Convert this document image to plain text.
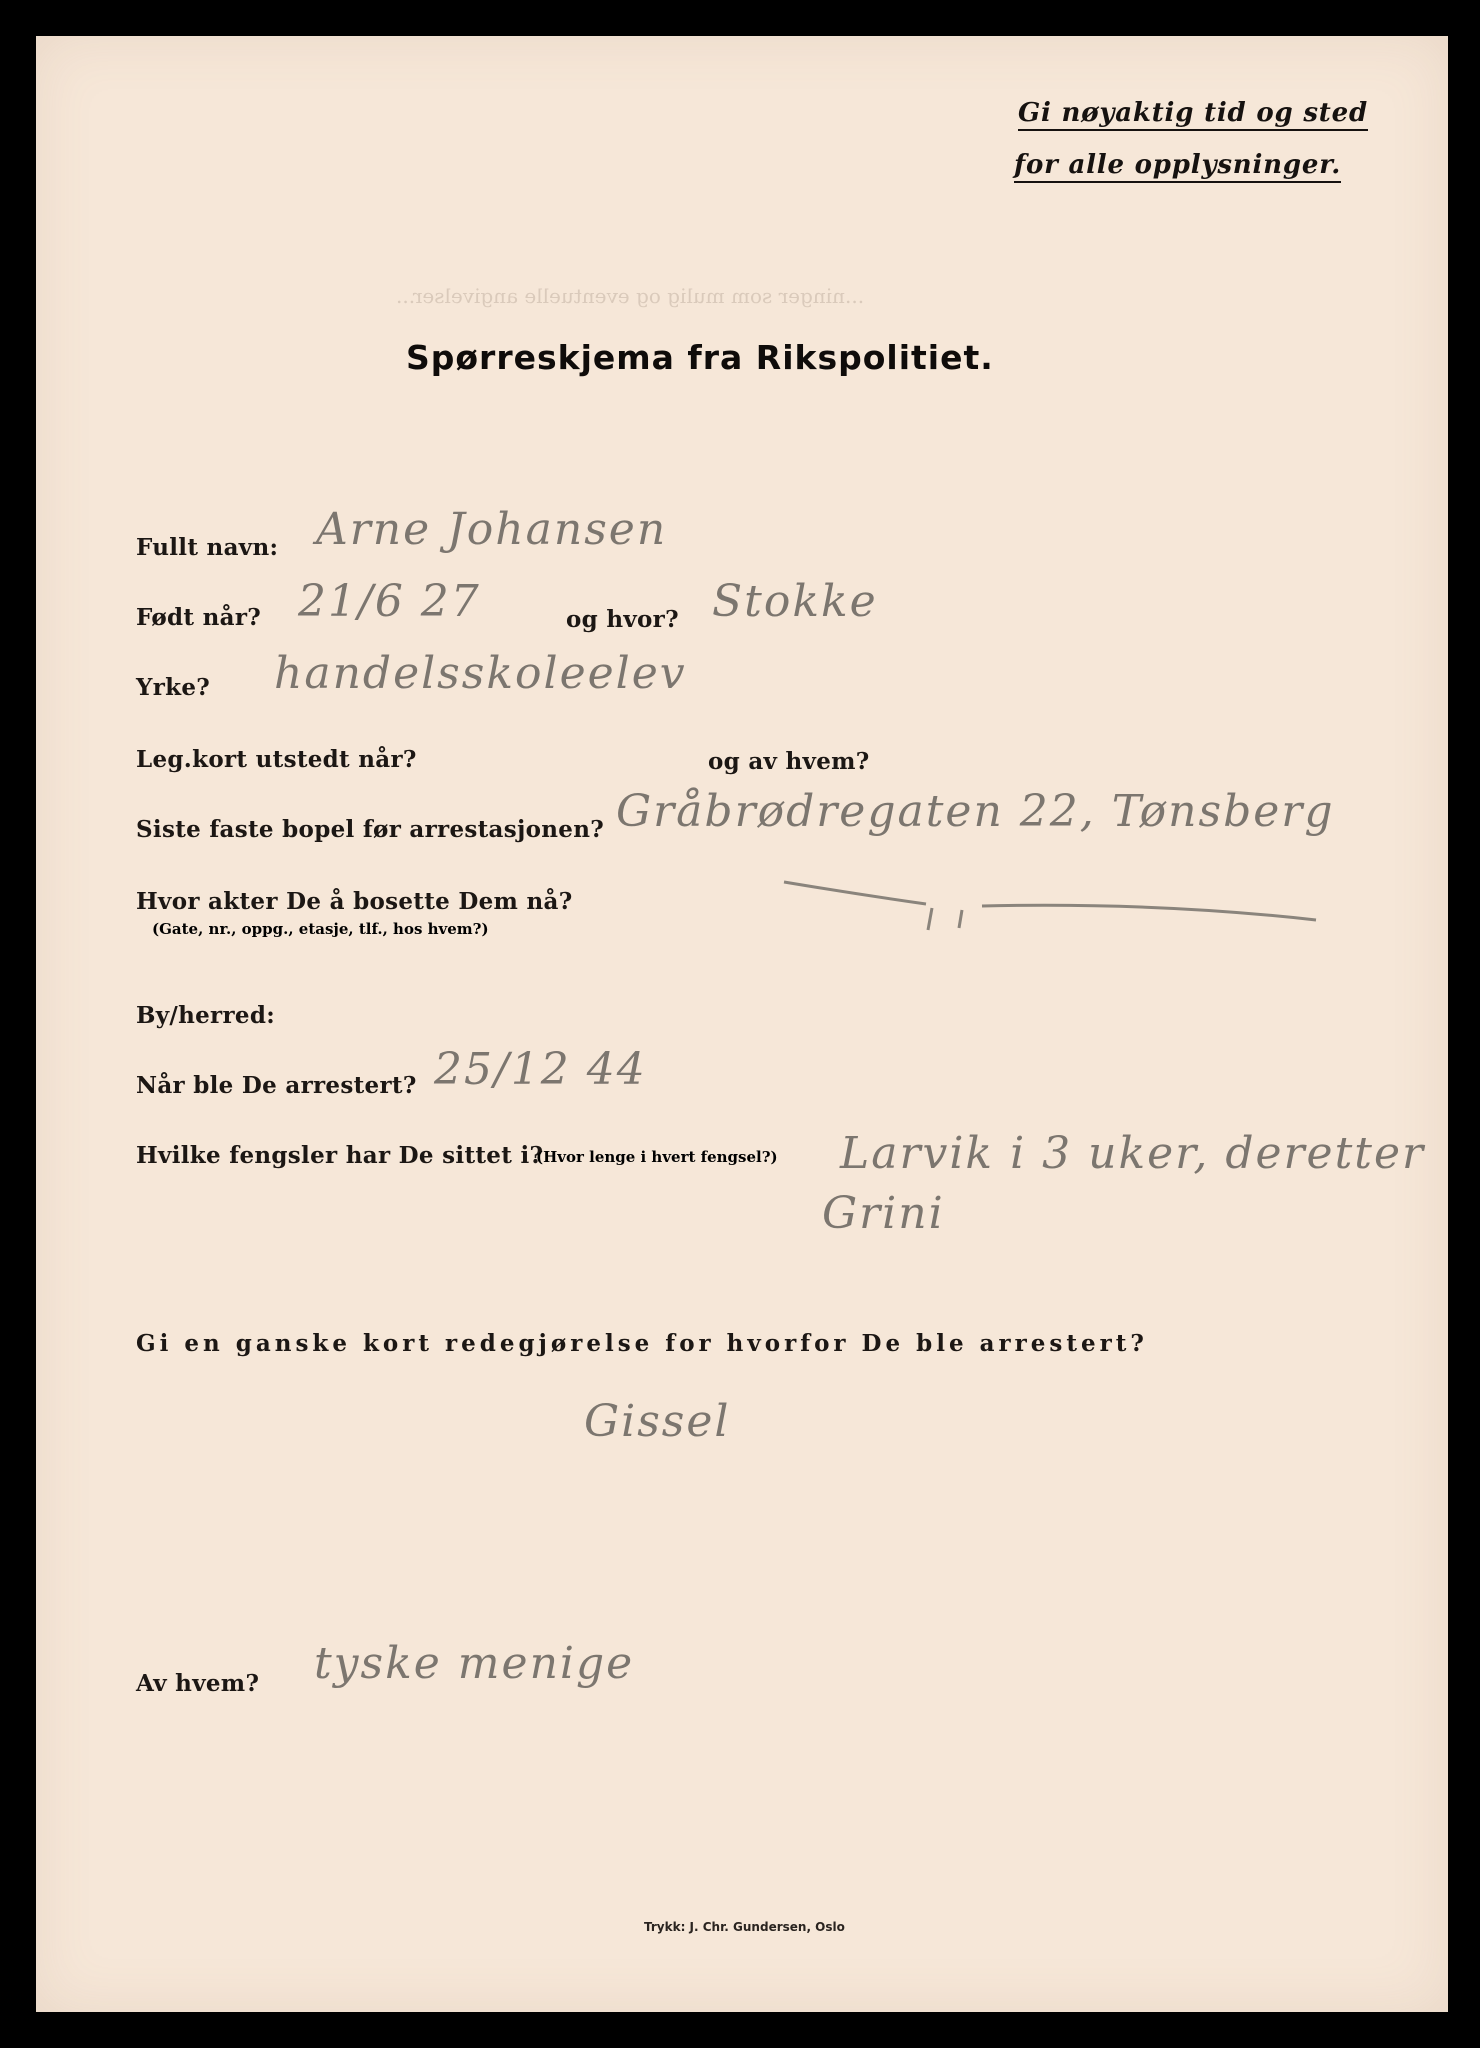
Gi nøyaktig tid og sted
for alle opplysninger.
...ninger som mulig og eventuelle angivelser...
Spørreskjema fra Rikspolitiet.
Fullt navn: Arne Johansen
Født når? 21/6 27	og hvor? Stokke
Yrke? handelsskoleelev
Leg.kort utstedt når?	og av hvem?
Siste faste bopel før arrestasjonen? Gråbrødregaten 22, Tønsberg
Hvor akter De å bosette Dem nå?
(Gate, nr., oppg., etasje, tlf., hos hvem?)
By/herred:
Når ble De arrestert? 25/12 44
Hvilke fengsler har De sittet i?
(Hvor lenge i hvert fengsel?) Larvik i 3 uker, deretter
Grini
Gi en ganske kort redegjørelse for hvorfor De ble arrestert?
Gissel
Av hvem? tyske menige
Trykk: J. Chr. Gundersen, Oslo
